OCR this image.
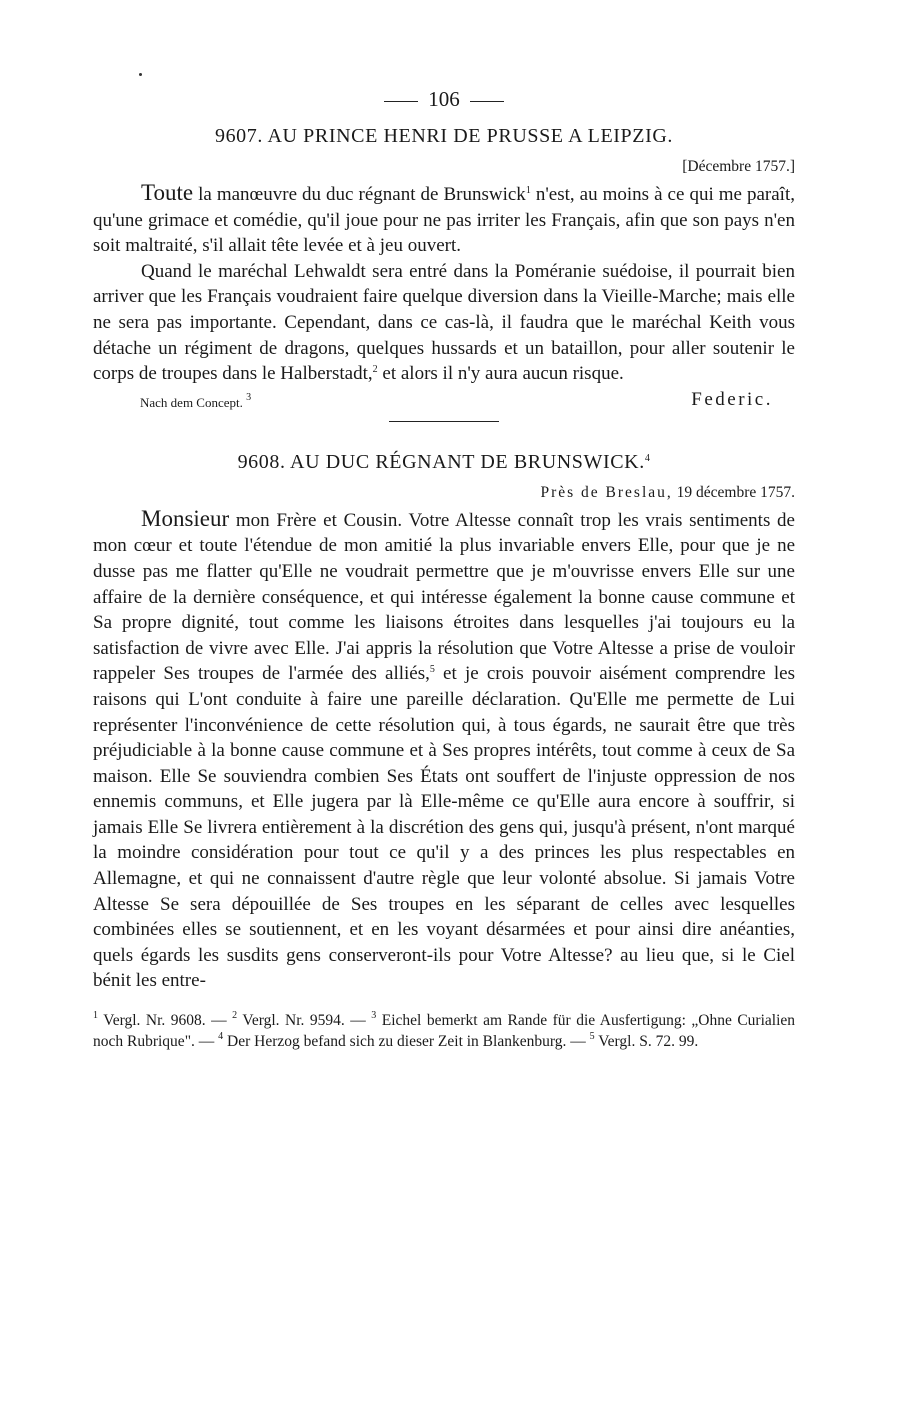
106
9607. AU PRINCE HENRI DE PRUSSE A LEIPZIG.
[Décembre 1757.]

Toute la manœuvre du duc régnant de Brunswick$^1$ n'est, au moins à ce qui me paraît, qu'une grimace et comédie, qu'il joue pour ne pas irriter les Français, afin que son pays n'en soit maltraité, s'il allait tête levée et à jeu ouvert.

Quand le maréchal Lehwaldt sera entré dans la Poméranie suédoise, il pourrait bien arriver que les Français voudraient faire quelque diversion dans la Vieille-Marche; mais elle ne sera pas importante. Cependant, dans ce cas-là, il faudra que le maréchal Keith vous détache un régiment de dragons, quelques hussards et un bataillon, pour aller soutenir le corps de troupes dans le Halberstadt,$^2$ et alors il n'y aura aucun risque.

Nach dem Concept. $^3$	Federic.
9608. AU DUC RÉGNANT DE BRUNSWICK.$^4$
Près de Breslau, 19 décembre 1757.

Monsieur mon Frère et Cousin. Votre Altesse connaît trop les vrais sentiments de mon cœur et toute l'étendue de mon amitié la plus invariable envers Elle, pour que je ne dusse pas me flatter qu'Elle ne voudrait permettre que je m'ouvrisse envers Elle sur une affaire de la dernière conséquence, et qui intéresse également la bonne cause commune et Sa propre dignité, tout comme les liaisons étroites dans lesquelles j'ai toujours eu la satisfaction de vivre avec Elle. J'ai appris la résolution que Votre Altesse a prise de vouloir rappeler Ses troupes de l'armée des alliés,$^5$ et je crois pouvoir aisément comprendre les raisons qui L'ont conduite à faire une pareille déclaration. Qu'Elle me permette de Lui représenter l'inconvénience de cette résolution qui, à tous égards, ne saurait être que très préjudiciable à la bonne cause commune et à Ses propres intérêts, tout comme à ceux de Sa maison. Elle Se souviendra combien Ses États ont souffert de l'injuste oppression de nos ennemis communs, et Elle jugera par là Elle-même ce qu'Elle aura encore à souffrir, si jamais Elle Se livrera entièrement à la discrétion des gens qui, jusqu'à présent, n'ont marqué la moindre considération pour tout ce qu'il y a des princes les plus respectables en Allemagne, et qui ne connaissent d'autre règle que leur volonté absolue. Si jamais Votre Altesse Se sera dépouillée de Ses troupes en les séparant de celles avec lesquelles combinées elles se soutiennent, et en les voyant désarmées et pour ainsi dire anéanties, quels égards les susdits gens conserveront-ils pour Votre Altesse? au lieu que, si le Ciel bénit les entre-

$^1$ Vergl. Nr. 9608. — $^2$ Vergl. Nr. 9594. — $^3$ Eichel bemerkt am Rande für die Ausfertigung: „Ohne Curialien noch Rubrique". — $^4$ Der Herzog befand sich zu dieser Zeit in Blankenburg. — $^5$ Vergl. S. 72. 99.
